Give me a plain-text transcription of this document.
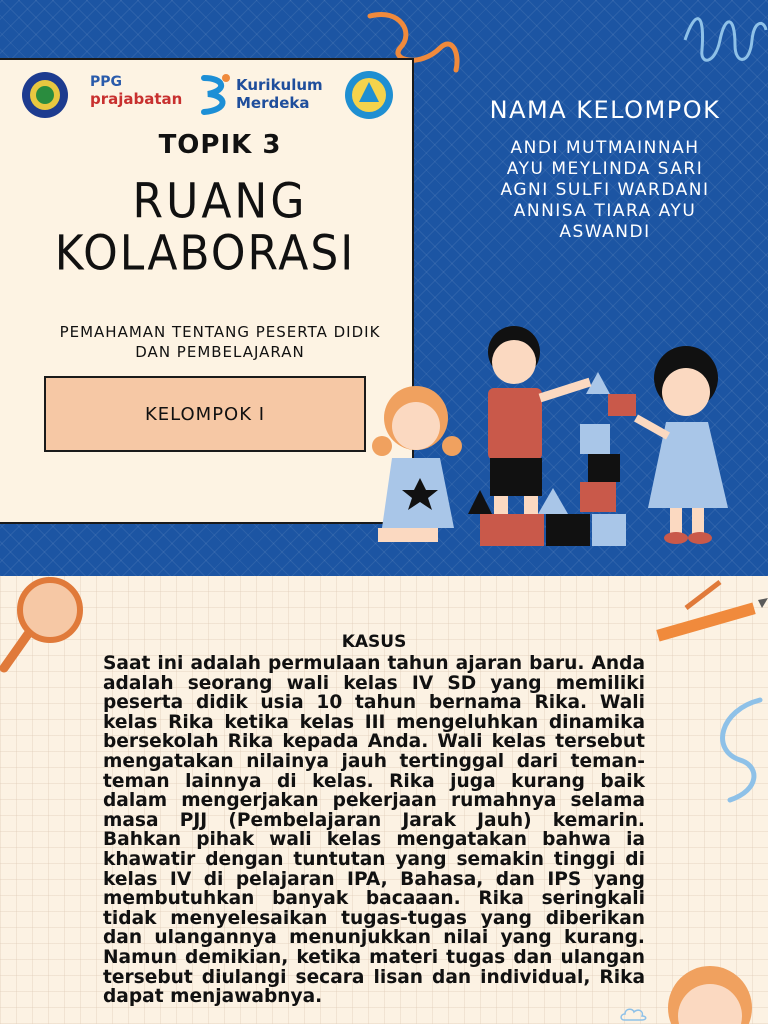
PPG
prajabatan
Kurikulum
Merdeka
TOPIK 3
RUANG
KOLABORASI
PEMAHAMAN TENTANG PESERTA DIDIK
DAN PEMBELAJARAN
KELOMPOK I
NAMA KELOMPOK
ANDI MUTMAINNAH
AYU MEYLINDA SARI
AGNI SULFI WARDANI
ANNISA TIARA AYU
ASWANDI
KASUS

Saat ini adalah permulaan tahun ajaran baru. Anda adalah seorang wali kelas IV SD yang memiliki peserta didik usia 10 tahun bernama Rika. Wali kelas Rika ketika kelas III mengeluhkan dinamika bersekolah Rika kepada Anda. Wali kelas tersebut mengatakan nilainya jauh tertinggal dari teman-teman lainnya di kelas. Rika juga kurang baik dalam mengerjakan pekerjaan rumahnya selama masa PJJ (Pembelajaran Jarak Jauh) kemarin. Bahkan pihak wali kelas mengatakan bahwa ia khawatir dengan tuntutan yang semakin tinggi di kelas IV di pelajaran IPA, Bahasa, dan IPS yang membutuhkan banyak bacaaan. Rika seringkali tidak menyelesaikan tugas-tugas yang diberikan dan ulangannya menunjukkan nilai yang kurang. Namun demikian, ketika materi tugas dan ulangan tersebut diulangi secara lisan dan individual, Rika dapat menjawabnya.
